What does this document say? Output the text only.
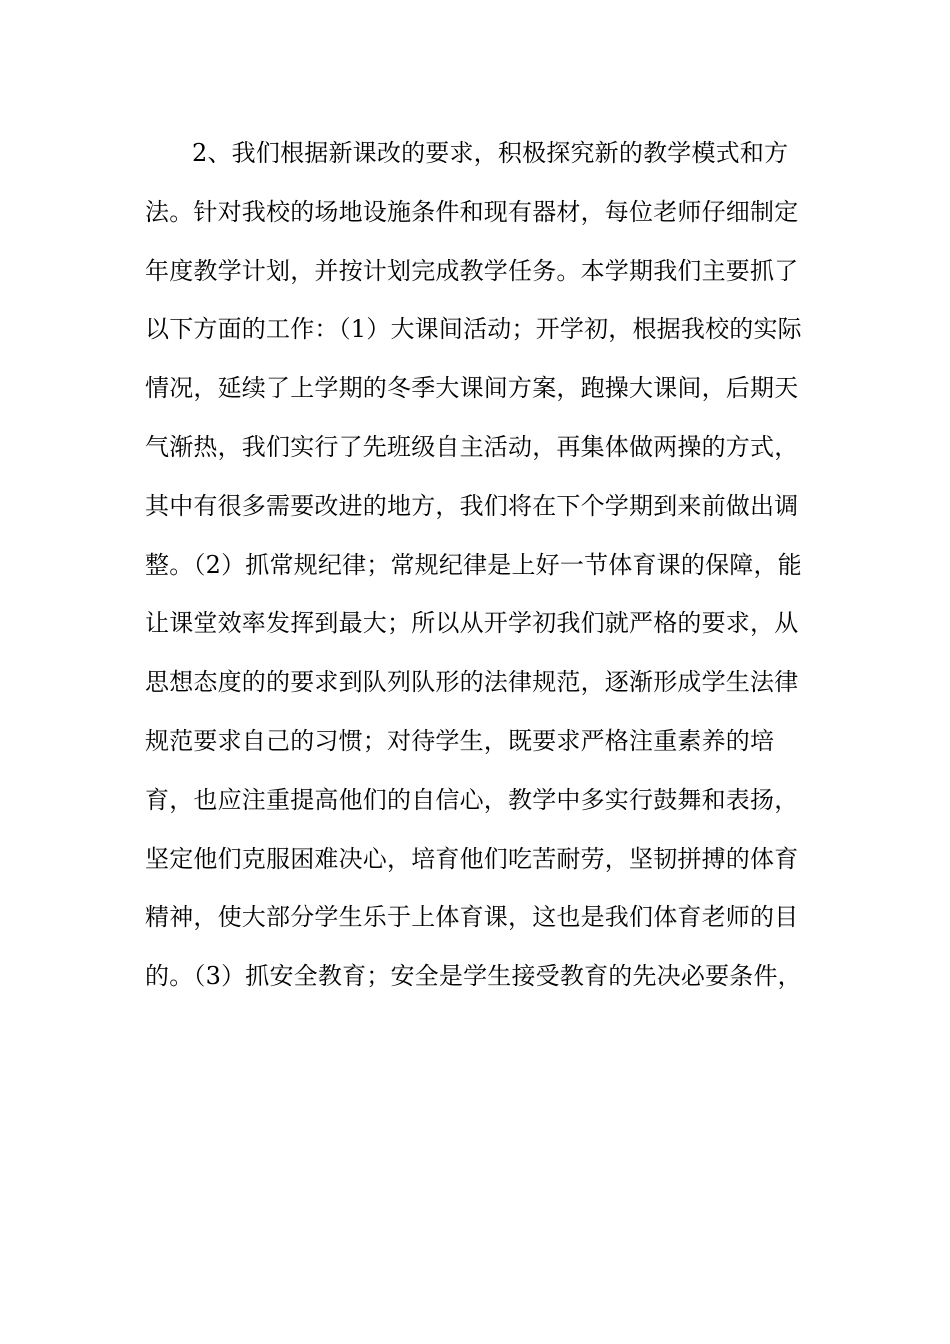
2、我们根据新课改的要求，积极探究新的教学模式和方
法。针对我校的场地设施条件和现有器材，每位老师仔细制定
年度教学计划，并按计划完成教学任务。本学期我们主要抓了
以下方面的工作：（1）大课间活动；开学初，根据我校的实际
情况，延续了上学期的冬季大课间方案，跑操大课间，后期天
气渐热，我们实行了先班级自主活动，再集体做两操的方式，
其中有很多需要改进的地方，我们将在下个学期到来前做出调
整。（2）抓常规纪律；常规纪律是上好一节体育课的保障，能
让课堂效率发挥到最大；所以从开学初我们就严格的要求，从
思想态度的的要求到队列队形的法律规范，逐渐形成学生法律
规范要求自己的习惯；对待学生，既要求严格注重素养的培
育，也应注重提高他们的自信心，教学中多实行鼓舞和表扬，
坚定他们克服困难决心，培育他们吃苦耐劳，坚韧拼搏的体育
精神，使大部分学生乐于上体育课，这也是我们体育老师的目
的。（3）抓安全教育；安全是学生接受教育的先决必要条件，
